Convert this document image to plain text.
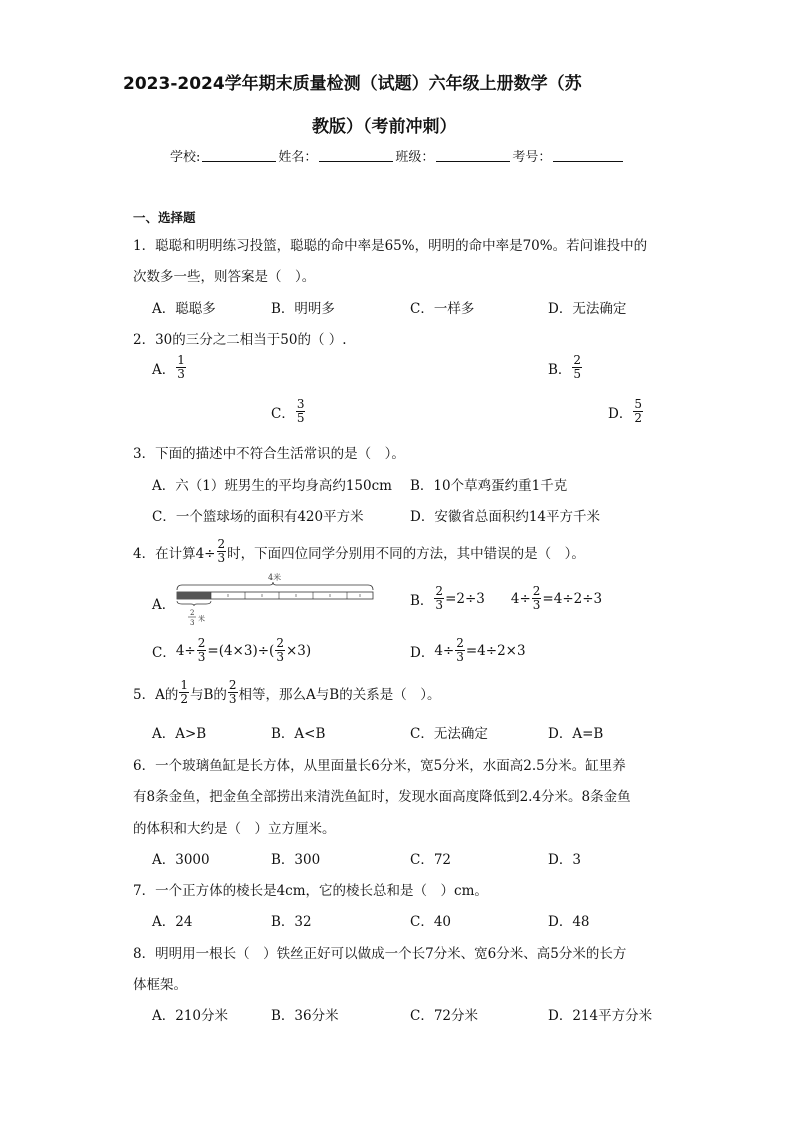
2023-2024学年期末质量检测（试题）六年级上册数学（苏
教版）（考前冲刺）
学校:	姓名：	班级：	考号：
一、选择题
1．聪聪和明明练习投篮，聪聪的命中率是65%，明明的命中率是70%。若问谁投中的
次数多一些，则答案是（　）。
A．聪聪多	B．明明多	C．一样多	D．无法确定
2．30的三分之二相当于50的（ ）.
A． $\frac{1}{3}$	B． $\frac{2}{5}$
C． $\frac{3}{5}$	D． $\frac{5}{2}$
3．下面的描述中不符合生活常识的是（　）。
A．六（1）班男生的平均身高约150cm B．10个草鸡蛋约重1千克
C．一个篮球场的面积有420平方米	D．安徽省总面积约14平方千米
4．在计算$4\div \frac{2}{3}$ 时，下面四位同学分别用不同的方法，其中错误的是（　）。
A．
4米
2
3 米
B． $\frac{2}{3} =2\div 3$ $4\div \frac{2}{3} =4\div 2\div 3$
C． $4\div \frac{2}{3} =(4\times 3)\div( \frac{2}{3} \times 3)$	D． $4\div \frac{2}{3} =4\div 2\times 3$
5．A的 $\frac{1}{2}$ 与B的 $\frac{2}{3}$ 相等，那么A与B的关系是（　）。
A．A>B	B．A<B	C．无法确定	D．A=B
6．一个玻璃鱼缸是长方体，从里面量长6分米，宽5分米，水面高2.5分米。缸里养
有8条金鱼，把金鱼全部捞出来清洗鱼缸时，发现水面高度降低到2.4分米。8条金鱼
的体积和大约是（　）立方厘米。
A．3000	B．300	C．72	D．3
7．一个正方体的棱长是4cm，它的棱长总和是（　）cm。
A．24	B．32	C．40	D．48
8．明明用一根长（　）铁丝正好可以做成一个长7分米、宽6分米、高5分米的长方
体框架。
A．210分米	B．36分米	C．72分米	D．214平方分米
